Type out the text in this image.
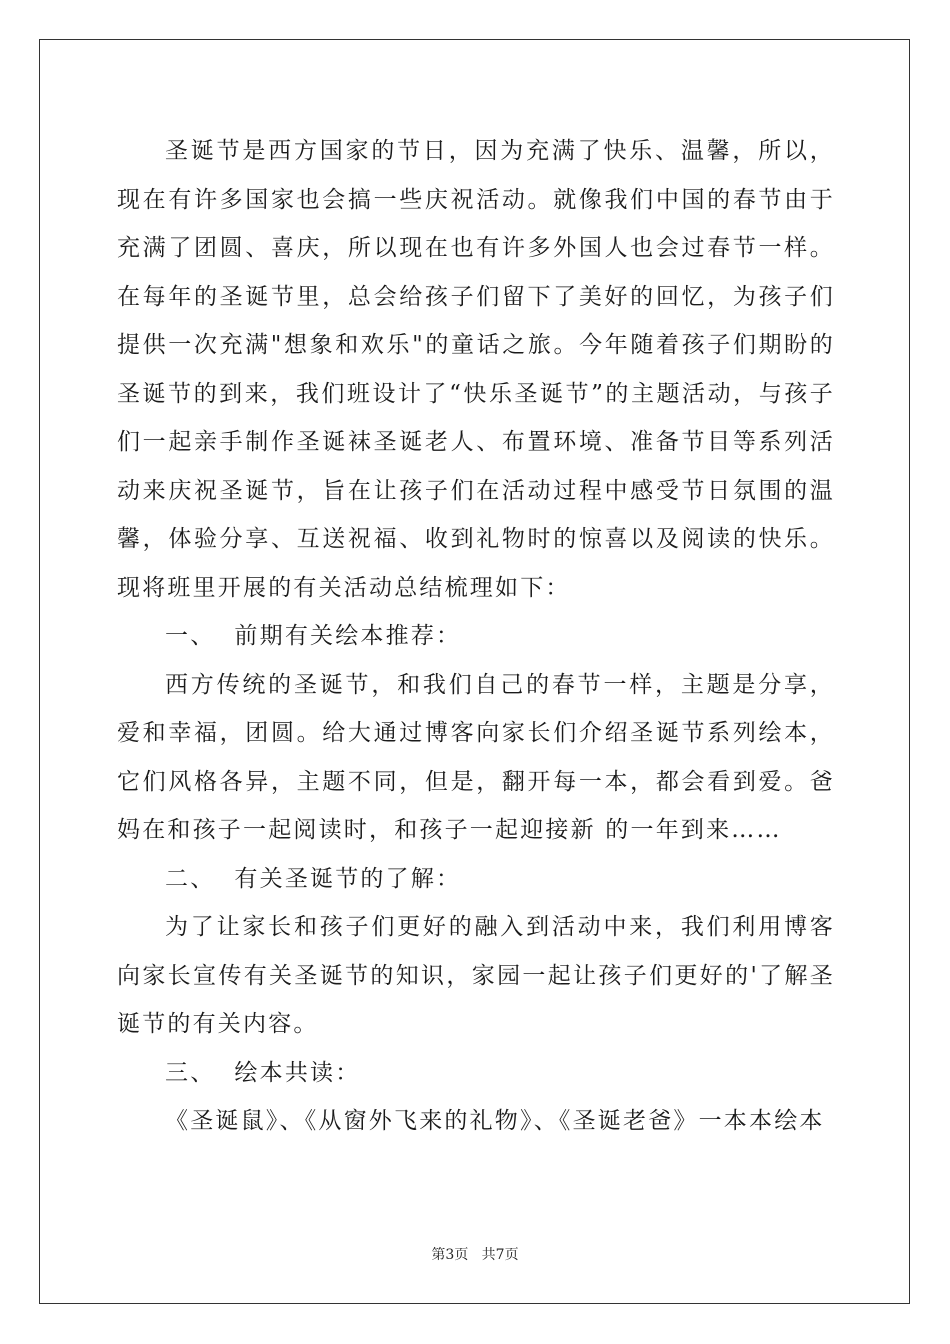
圣诞节是西方国家的节日，因为充满了快乐、温馨，所以，现在有许多国家也会搞一些庆祝活动。就像我们中国的春节由于充满了团圆、喜庆，所以现在也有许多外国人也会过春节一样。在每年的圣诞节里，总会给孩子们留下了美好的回忆，为孩子们提供一次充满"想象和欢乐"的童话之旅。今年随着孩子们期盼的圣诞节的到来，我们班设计了“快乐圣诞节”的主题活动，与孩子们一起亲手制作圣诞袜圣诞老人、布置环境、准备节目等系列活动来庆祝圣诞节，旨在让孩子们在活动过程中感受节日氛围的温馨，体验分享、互送祝福、收到礼物时的惊喜以及阅读的快乐。现将班里开展的有关活动总结梳理如下：

一、  前期有关绘本推荐：

西方传统的圣诞节，和我们自己的春节一样，主题是分享，爱和幸福，团圆。给大通过博客向家长们介绍圣诞节系列绘本，它们风格各异，主题不同，但是，翻开每一本，都会看到爱。爸妈在和孩子一起阅读时，和孩子一起迎接新 的一年到来……

二、  有关圣诞节的了解：

为了让家长和孩子们更好的融入到活动中来，我们利用博客向家长宣传有关圣诞节的知识，家园一起让孩子们更好的'了解圣诞节的有关内容。

三、  绘本共读：

《圣诞鼠》、《从窗外飞来的礼物》、《圣诞老爸》一本本绘本

第3页   共7页
